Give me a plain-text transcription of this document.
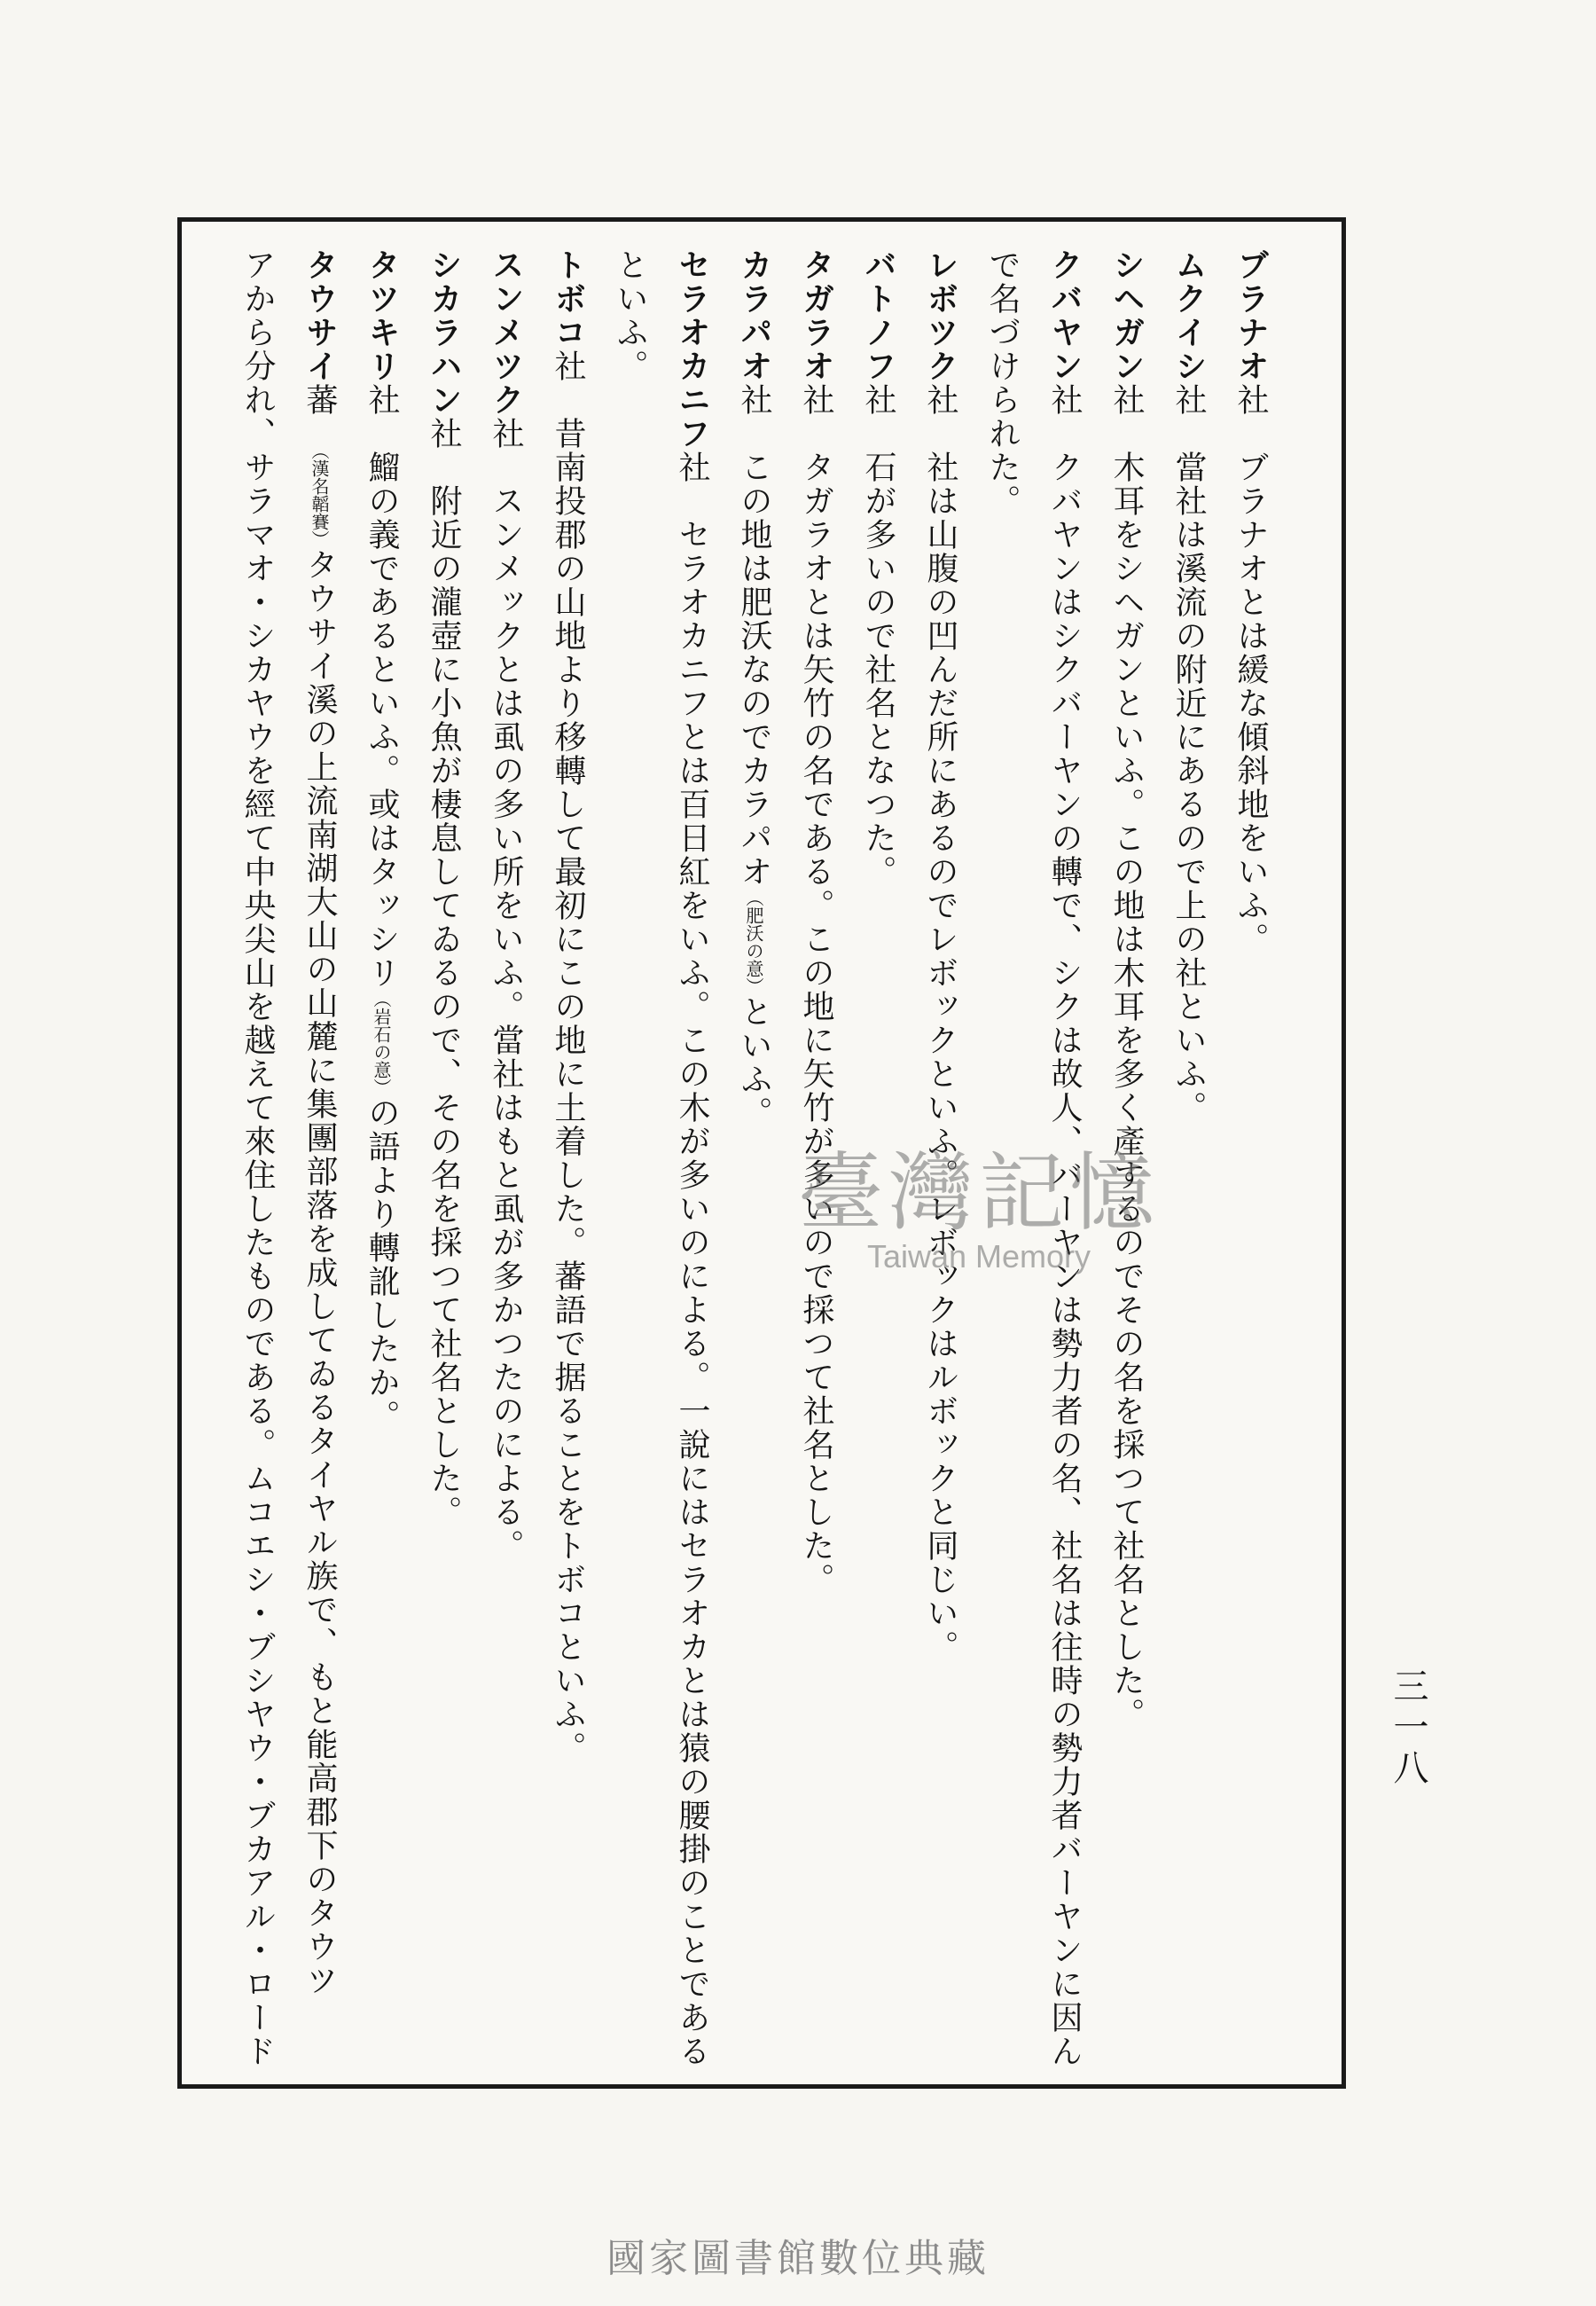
ブラナオ社　ブラナオとは緩な傾斜地をいふ。
ムクイシ社　當社は溪流の附近にあるので上の社といふ。
シヘガン社　木耳をシヘガンといふ。この地は木耳を多く產するのでその名を採つて社名とした。
クバヤン社　クバヤンはシクバーヤンの轉で、シクは故人、バーヤンは勢力者の名、社名は往時の勢力者バーヤンに因ん
で名づけられた。
レボツク社　社は山腹の凹んだ所にあるのでレボックといふ。レボックはルボックと同じい。
バトノフ社　石が多いので社名となつた。
タガラオ社　タガラオとは矢竹の名である。この地に矢竹が多いので採つて社名とした。
カラパオ社　この地は肥沃なのでカラパオ（肥沃の意）といふ。
セラオカニフ社　セラオカニフとは百日紅をいふ。この木が多いのによる。一說にはセラオカとは猿の腰掛のことである
といふ。
トボコ社　昔南投郡の山地より移轉して最初にこの地に土着した。蕃語で据ることをトボコといふ。
スンメツク社　スンメックとは虱の多い所をいふ。當社はもと虱が多かつたのによる。
シカラハン社　附近の瀧壺に小魚が棲息してゐるので、その名を採つて社名とした。
タツキリ社　鰡の義であるといふ。或はタッシリ（岩石の意）の語より轉訛したか。
タウサイ蕃　（漢名韜賽）タウサイ溪の上流南湖大山の山麓に集團部落を成してゐるタイヤル族で、もと能高郡下のタウツ
アから分れ、サラマオ・シカヤウを經て中央尖山を越えて來住したものである。ムコエシ・ブシヤウ・ブカアル・ロード	三一八
臺灣記憶
Taiwan Memory
國家圖書館數位典藏
